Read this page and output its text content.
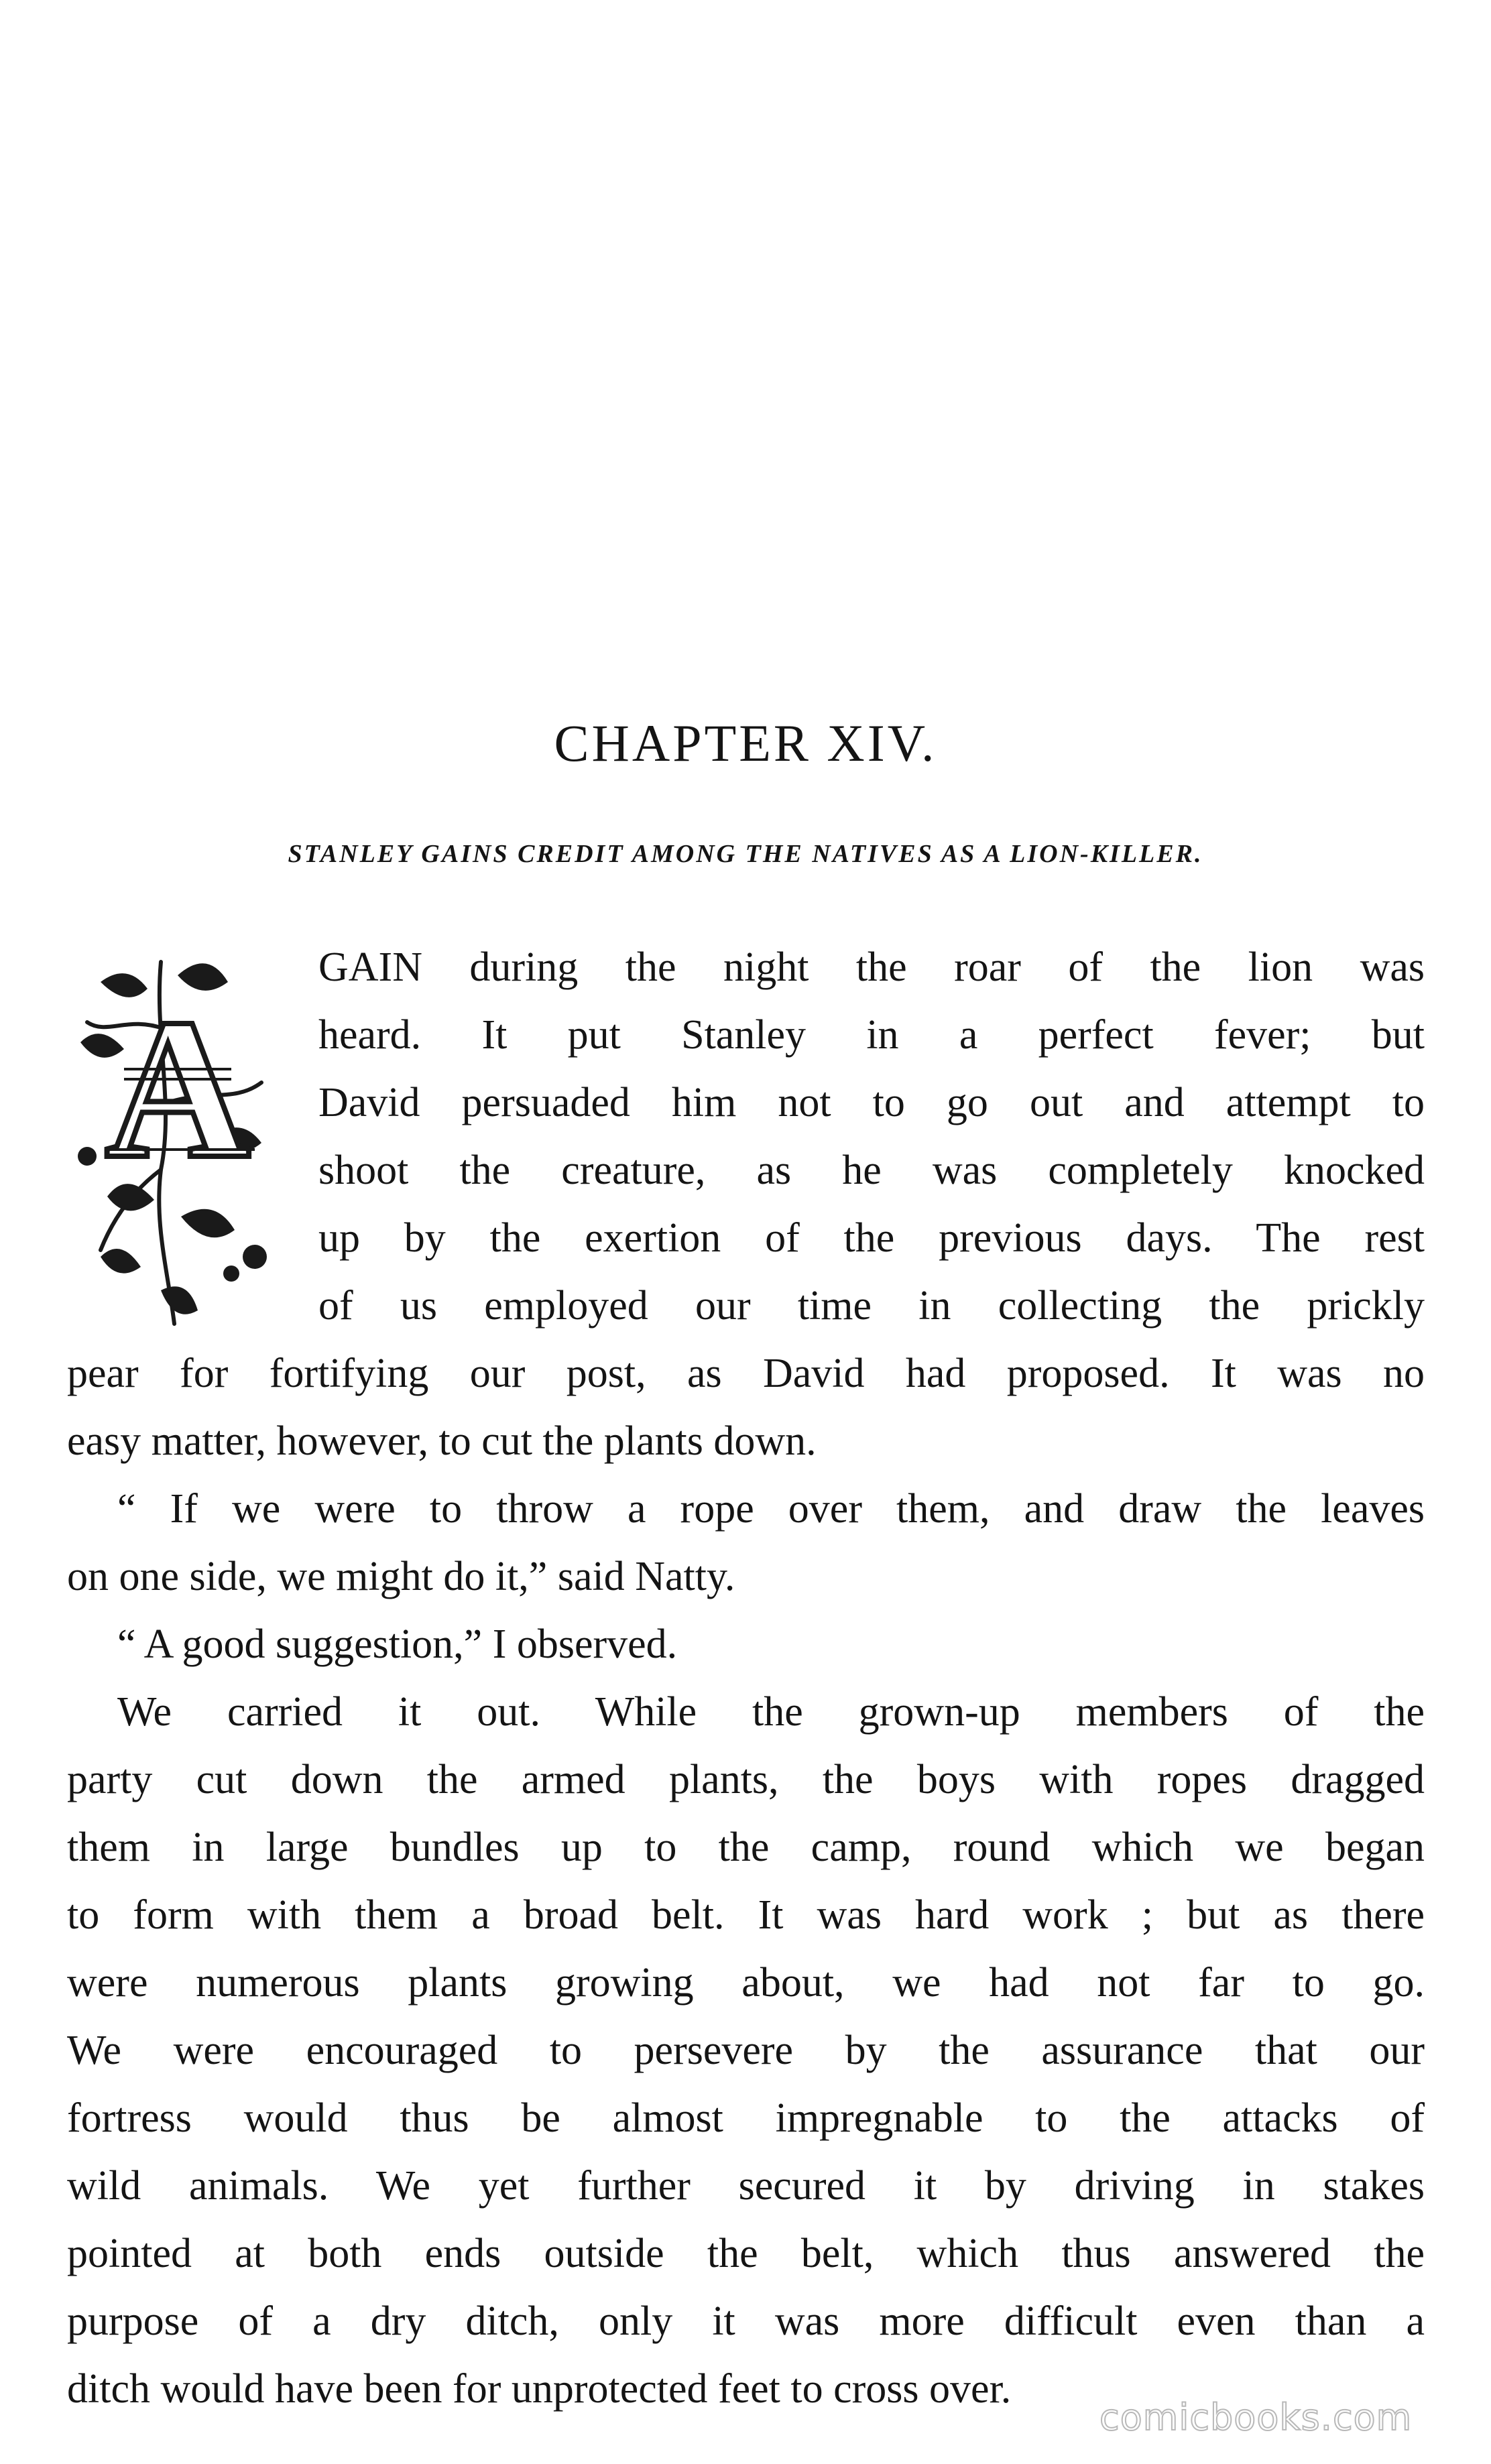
CHAPTER XIV.
STANLEY GAINS CREDIT AMONG THE NATIVES AS A LION-KILLER.
A
GAIN during the night the roar of the lion was
heard. It put Stanley in a perfect fever; but
David persuaded him not to go out and attempt to
shoot the creature, as he was completely knocked
up by the exertion of the previous days. The rest
of us employed our time in collecting the prickly
pear for fortifying our post, as David had proposed. It was no
easy matter, however, to cut the plants down.
“ If we were to throw a rope over them, and draw the leaves
on one side, we might do it,” said Natty.
“ A good suggestion,” I observed.
We carried it out. While the grown-up members of the
party cut down the armed plants, the boys with ropes dragged
them in large bundles up to the camp, round which we began
to form with them a broad belt. It was hard work ; but as there
were numerous plants growing about, we had not far to go.
We were encouraged to persevere by the assurance that our
fortress would thus be almost impregnable to the attacks of
wild animals. We yet further secured it by driving in stakes
pointed at both ends outside the belt, which thus answered the
purpose of a dry ditch, only it was more difficult even than a
ditch would have been for unprotected feet to cross over.
comicbooks.com
